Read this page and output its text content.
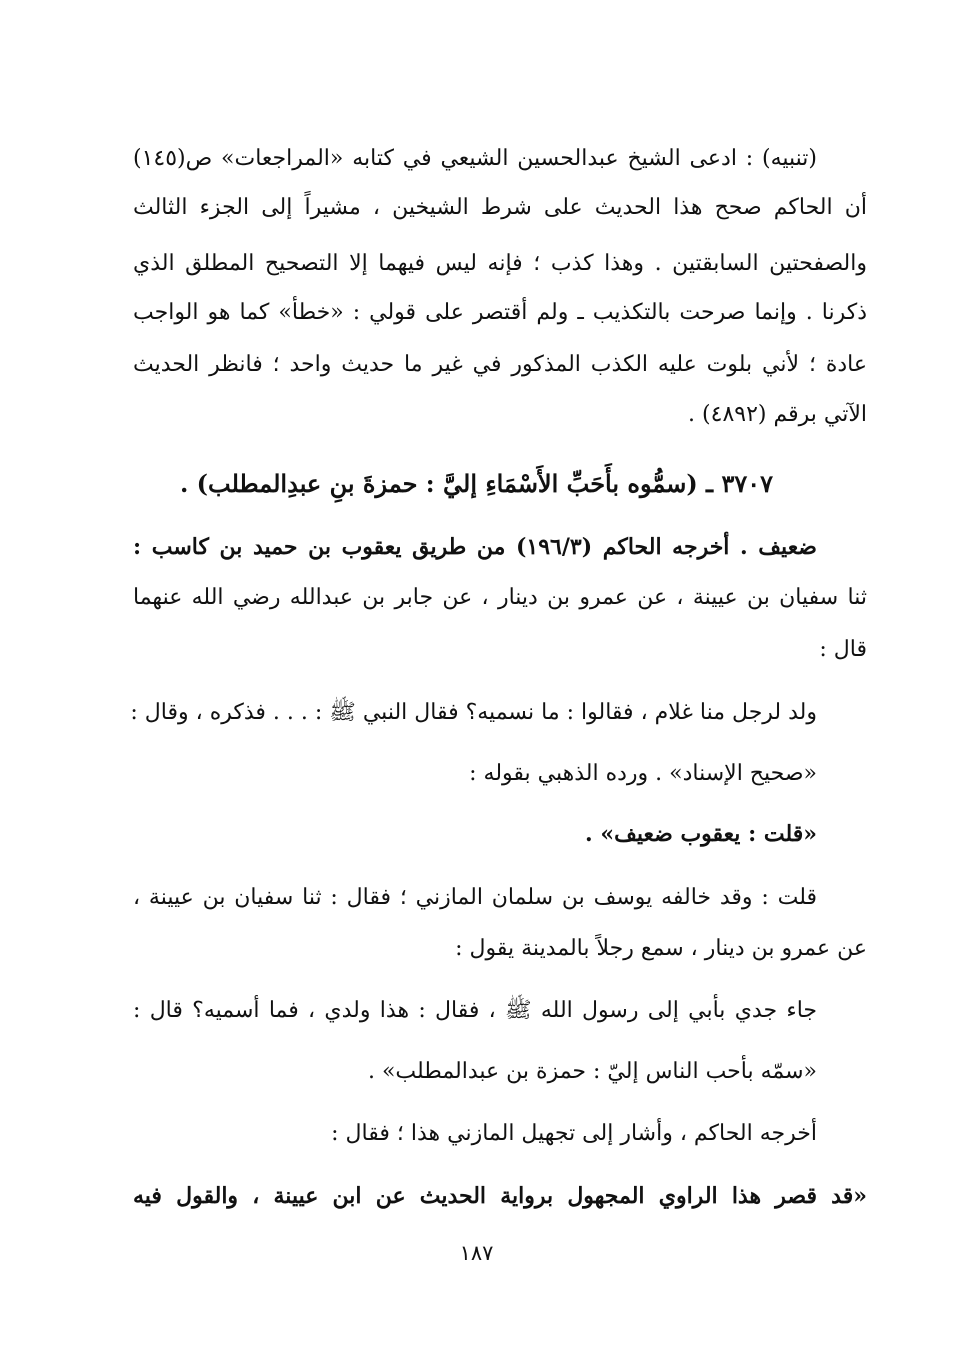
(تنبيه) : ادعى الشيخ عبدالحسين الشيعي في كتابه «المراجعات» ص(١٤٥)
أن الحاكم صحح هذا الحديث على شرط الشيخين ، مشيراً إلى الجزء الثالث
والصفحتين السابقتين . وهذا كذب ؛ فإنه ليس فيهما إلا التصحيح المطلق الذي
ذكرنا . وإنما صرحت بالتكذيب ـ ولم أقتصر على قولي : «خطأ» كما هو الواجب
عادة ؛ لأني بلوت عليه الكذب المذكور في غير ما حديث واحد ؛ فانظر الحديث
الآتي برقم (٤٨٩٢) .
٣٧٠٧ ـ (سمُّوه بأَحَبِّ الأَسْمَاءِ إليَّ : حمزةَ بنِ عبدِالمطلب) .
ضعيف . أخرجه الحاكم (١٩٦/٣) من طريق يعقوب بن حميد بن كاسب :
ثنا سفيان بن عيينة ، عن عمرو بن دينار ، عن جابر بن عبدالله رضي الله عنهما
قال :
ولد لرجل منا غلام ، فقالوا : ما نسميه؟ فقال النبي ﷺ : . . . فذكره ، وقال :
«صحيح الإسناد» . ورده الذهبي بقوله :
«قلت : يعقوب ضعيف» .
قلت : وقد خالفه يوسف بن سلمان المازني ؛ فقال : ثنا سفيان بن عيينة ،
عن عمرو بن دينار ، سمع رجلاً بالمدينة يقول :
جاء جدي بأبي إلى رسول الله ﷺ ، فقال : هذا ولدي ، فما أسميه؟ قال :
«سمّه بأحب الناس إليّ : حمزة بن عبدالمطلب» .
أخرجه الحاكم ، وأشار إلى تجهيل المازني هذا ؛ فقال :
«قد قصر هذا الراوي المجهول برواية الحديث عن ابن عيينة ، والقول فيه
١٨٧
